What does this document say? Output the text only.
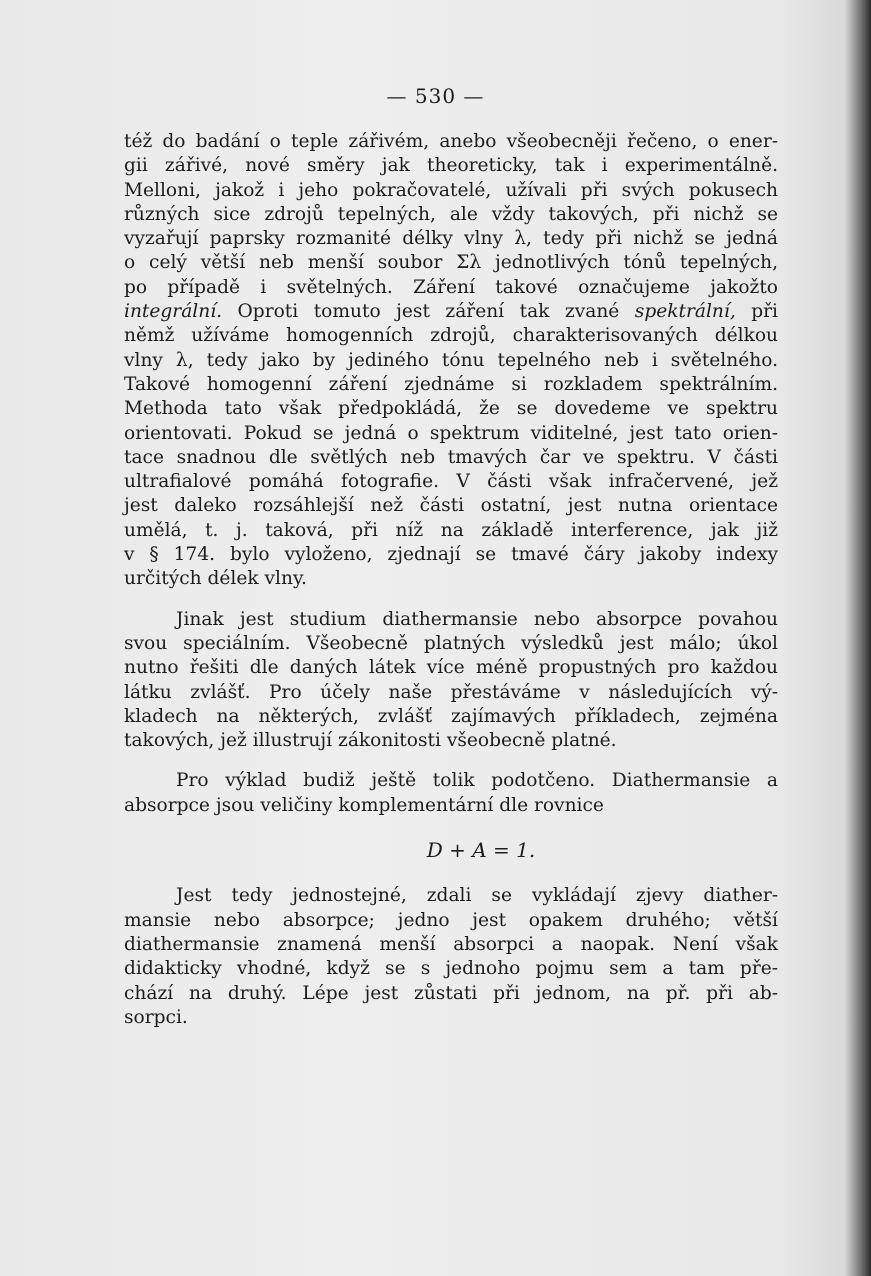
— 530 —
též do badání o teple zářivém, anebo všeobecněji řečeno, o ener-
gii zářivé, nové směry jak theoreticky, tak i experimentálně.
Melloni, jakož i jeho pokračovatelé, užívali při svých pokusech
různých sice zdrojů tepelných, ale vždy takových, při nichž se
vyzařují paprsky rozmanité délky vlny λ, tedy při nichž se jedná
o celý větší neb menší soubor Σλ jednotlivých tónů tepelných,
po případě i světelných. Záření takové označujeme jakožto
integrální. Oproti tomuto jest záření tak zvané spektrální, při
němž užíváme homogenních zdrojů, charakterisovaných délkou
vlny λ, tedy jako by jediného tónu tepelného neb i světelného.
Takové homogenní záření zjednáme si rozkladem spektrálním.
Methoda tato však předpokládá, že se dovedeme ve spektru
orientovati. Pokud se jedná o spektrum viditelné, jest tato orien-
tace snadnou dle světlých neb tmavých čar ve spektru. V části
ultrafialové pomáhá fotografie. V části však infračervené, jež
jest daleko rozsáhlejší než části ostatní, jest nutna orientace
umělá, t. j. taková, při níž na základě interference, jak již
v § 174. bylo vyloženo, zjednají se tmavé čáry jakoby indexy
určitých délek vlny.
Jinak jest studium diathermansie nebo absorpce povahou
svou speciálním. Všeobecně platných výsledků jest málo; úkol
nutno řešiti dle daných látek více méně propustných pro každou
látku zvlášť. Pro účely naše přestáváme v následujících vý-
kladech na některých, zvlášť zajímavých příkladech, zejména
takových, jež illustrují zákonitosti všeobecně platné.
Pro výklad budiž ještě tolik podotčeno. Diathermansie a
absorpce jsou veličiny komplementární dle rovnice
D + A = 1.
Jest tedy jednostejné, zdali se vykládají zjevy diather-
mansie nebo absorpce; jedno jest opakem druhého; větší
diathermansie znamená menší absorpci a naopak. Není však
didakticky vhodné, když se s jednoho pojmu sem a tam pře-
chází na druhý. Lépe jest zůstati při jednom, na př. při ab-
sorpci.
